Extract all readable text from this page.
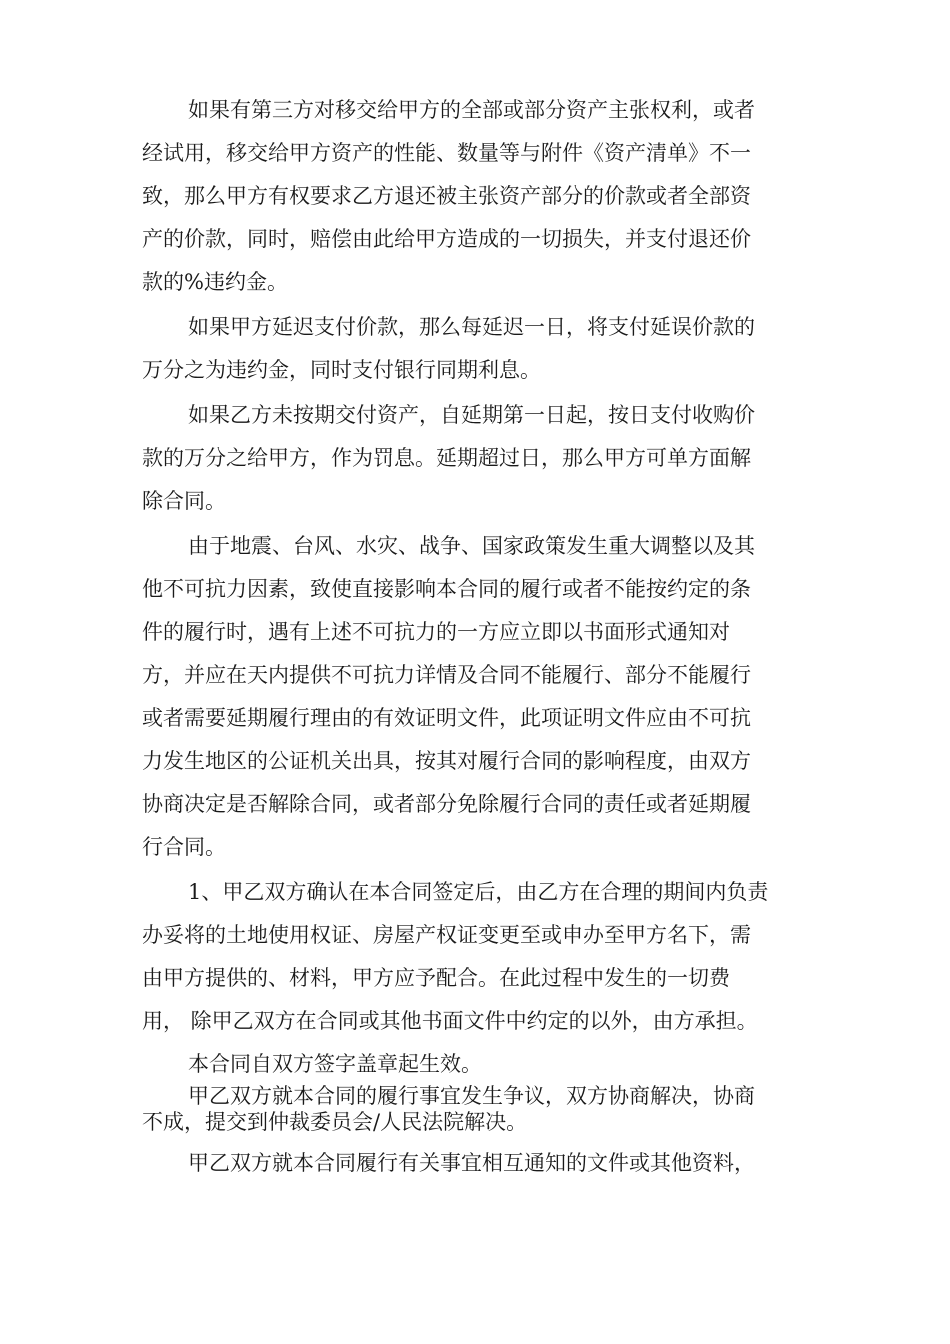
如果有第三方对移交给甲方的全部或部分资产主张权利，或者

经试用，移交给甲方资产的性能、数量等与附件《资产清单》不一

致，那么甲方有权要求乙方退还被主张资产部分的价款或者全部资

产的价款，同时，赔偿由此给甲方造成的一切损失，并支付退还价

款的%违约金。

如果甲方延迟支付价款，那么每延迟一日，将支付延误价款的

万分之为违约金，同时支付银行同期利息。

如果乙方未按期交付资产，自延期第一日起，按日支付收购价

款的万分之给甲方，作为罚息。延期超过日，那么甲方可单方面解

除合同。

由于地震、台风、水灾、战争、国家政策发生重大调整以及其

他不可抗力因素，致使直接影响本合同的履行或者不能按约定的条

件的履行时，遇有上述不可抗力的一方应立即以书面形式通知对

方，并应在天内提供不可抗力详情及合同不能履行、部分不能履行

或者需要延期履行理由的有效证明文件，此项证明文件应由不可抗

力发生地区的公证机关出具，按其对履行合同的影响程度，由双方

协商决定是否解除合同，或者部分免除履行合同的责任或者延期履

行合同。

1、甲乙双方确认在本合同签定后，由乙方在合理的期间内负责

办妥将的土地使用权证、房屋产权证变更至或申办至甲方名下，需

由甲方提供的、材料，甲方应予配合。在此过程中发生的一切费

用， 除甲乙双方在合同或其他书面文件中约定的以外，由方承担。

本合同自双方签字盖章起生效。

甲乙双方就本合同的履行事宜发生争议，双方协商解决，协商

不成，提交到仲裁委员会/人民法院解决。

甲乙双方就本合同履行有关事宜相互通知的文件或其他资料，
